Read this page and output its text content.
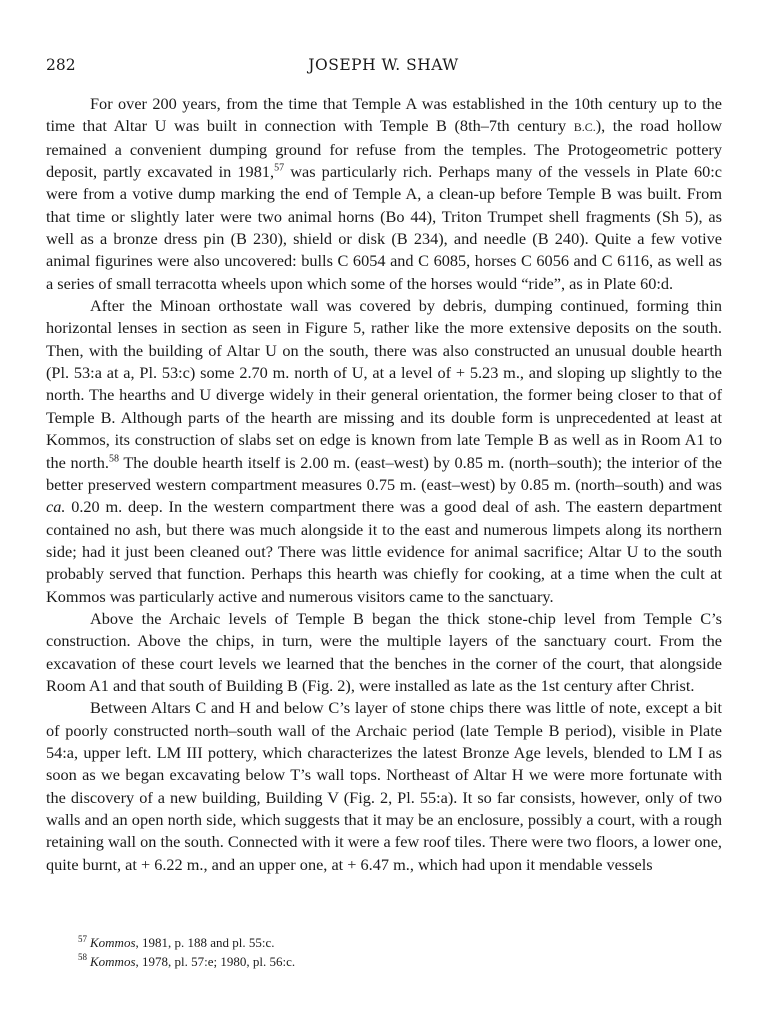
282	JOSEPH W. SHAW

For over 200 years, from the time that Temple A was established in the 10th century up to the time that Altar U was built in connection with Temple B (8th–7th century B.C.), the road hollow remained a convenient dumping ground for refuse from the temples. The Protogeometric pottery deposit, partly excavated in 1981,57 was particularly rich. Perhaps many of the vessels in Plate 60:c were from a votive dump marking the end of Temple A, a clean-up before Temple B was built. From that time or slightly later were two animal horns (Bo 44), Triton Trumpet shell fragments (Sh 5), as well as a bronze dress pin (B 230), shield or disk (B 234), and needle (B 240). Quite a few votive animal figurines were also uncovered: bulls C 6054 and C 6085, horses C 6056 and C 6116, as well as a series of small terracotta wheels upon which some of the horses would “ride”, as in Plate 60:d.

After the Minoan orthostate wall was covered by debris, dumping continued, forming thin horizontal lenses in section as seen in Figure 5, rather like the more extensive deposits on the south. Then, with the building of Altar U on the south, there was also constructed an unusual double hearth (Pl. 53:a at a, Pl. 53:c) some 2.70 m. north of U, at a level of + 5.23 m., and sloping up slightly to the north. The hearths and U diverge widely in their general orientation, the former being closer to that of Temple B. Although parts of the hearth are missing and its double form is unprecedented at least at Kommos, its construction of slabs set on edge is known from late Temple B as well as in Room A1 to the north.$^{58}$ The double hearth itself is 2.00 m. (east–west) by 0.85 m. (north–south); the interior of the better preserved western compartment measures 0.75 m. (east–west) by 0.85 m. (north–south) and was ca. 0.20 m. deep. In the western compartment there was a good deal of ash. The eastern department contained no ash, but there was much alongside it to the east and numerous limpets along its northern side; had it just been cleaned out? There was little evidence for animal sacrifice; Altar U to the south probably served that function. Perhaps this hearth was chiefly for cooking, at a time when the cult at Kommos was particularly active and numerous visitors came to the sanctuary.

Above the Archaic levels of Temple B began the thick stone-chip level from Temple C’s construction. Above the chips, in turn, were the multiple layers of the sanctuary court. From the excavation of these court levels we learned that the benches in the corner of the court, that alongside Room A1 and that south of Building B (Fig. 2), were installed as late as the 1st century after Christ.

Between Altars C and H and below C’s layer of stone chips there was little of note, except a bit of poorly constructed north–south wall of the Archaic period (late Temple B period), visible in Plate 54:a, upper left. LM III pottery, which characterizes the latest Bronze Age levels, blended to LM I as soon as we began excavating below T’s wall tops. Northeast of Altar H we were more fortunate with the discovery of a new building, Building V (Fig. 2, Pl. 55:a). It so far consists, however, only of two walls and an open north side, which suggests that it may be an enclosure, possibly a court, with a rough retaining wall on the south. Connected with it were a few roof tiles. There were two floors, a lower one, quite burnt, at + 6.22 m., and an upper one, at + 6.47 m., which had upon it mendable vessels

$^{57}$ Kommos, 1981, p. 188 and pl. 55:c.

$^{58}$ Kommos, 1978, pl. 57:e; 1980, pl. 56:c.
